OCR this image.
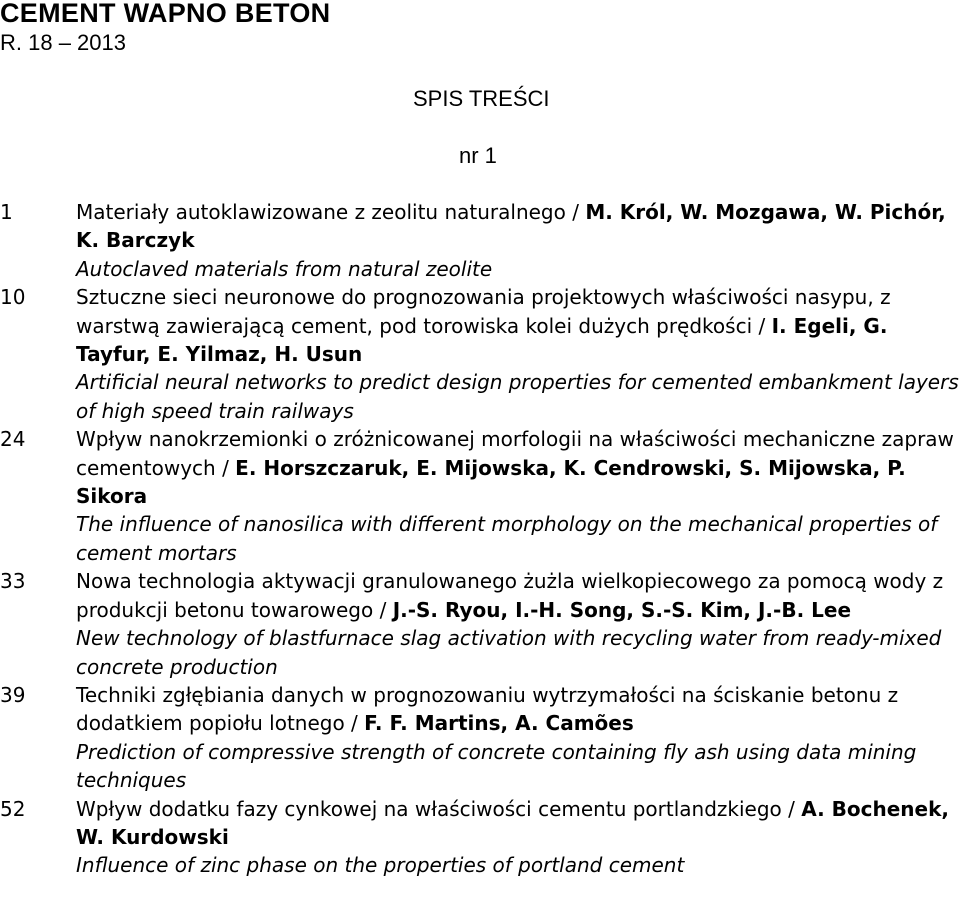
CEMENT WAPNO BETON
R. 18 – 2013
SPIS TREŚCI
nr 1
1	Materiały autoklawizowane z zeolitu naturalnego / M. Król, W. Mozgawa, W. Pichór, K. Barczyk
Autoclaved materials from natural zeolite
10	Sztuczne sieci neuronowe do prognozowania projektowych właściwości nasypu, z warstwą zawierającą cement, pod torowiska kolei dużych prędkości / I. Egeli, G. Tayfur, E. Yilmaz, H. Usun
Artificial neural networks to predict design properties for cemented embankment layers of high speed train railways
24	Wpływ nanokrzemionki o zróżnicowanej morfologii na właściwości mechaniczne zapraw cementowych / E. Horszczaruk, E. Mijowska, K. Cendrowski, S. Mijowska, P. Sikora
The influence of nanosilica with different morphology on the mechanical properties of cement mortars
33	Nowa technologia aktywacji granulowanego żużla wielkopiecowego za pomocą wody z produkcji betonu towarowego / J.-S. Ryou, I.-H. Song, S.-S. Kim, J.-B. Lee
New technology of blastfurnace slag activation with recycling water from ready-mixed concrete production
39	Techniki zgłębiania danych w prognozowaniu wytrzymałości na ściskanie betonu z dodatkiem popiołu lotnego / F. F. Martins, A. Camões
Prediction of compressive strength of concrete containing fly ash using data mining techniques
52	Wpływ dodatku fazy cynkowej na właściwości cementu portlandzkiego / A. Bochenek, W. Kurdowski
Influence of zinc phase on the properties of portland cement
